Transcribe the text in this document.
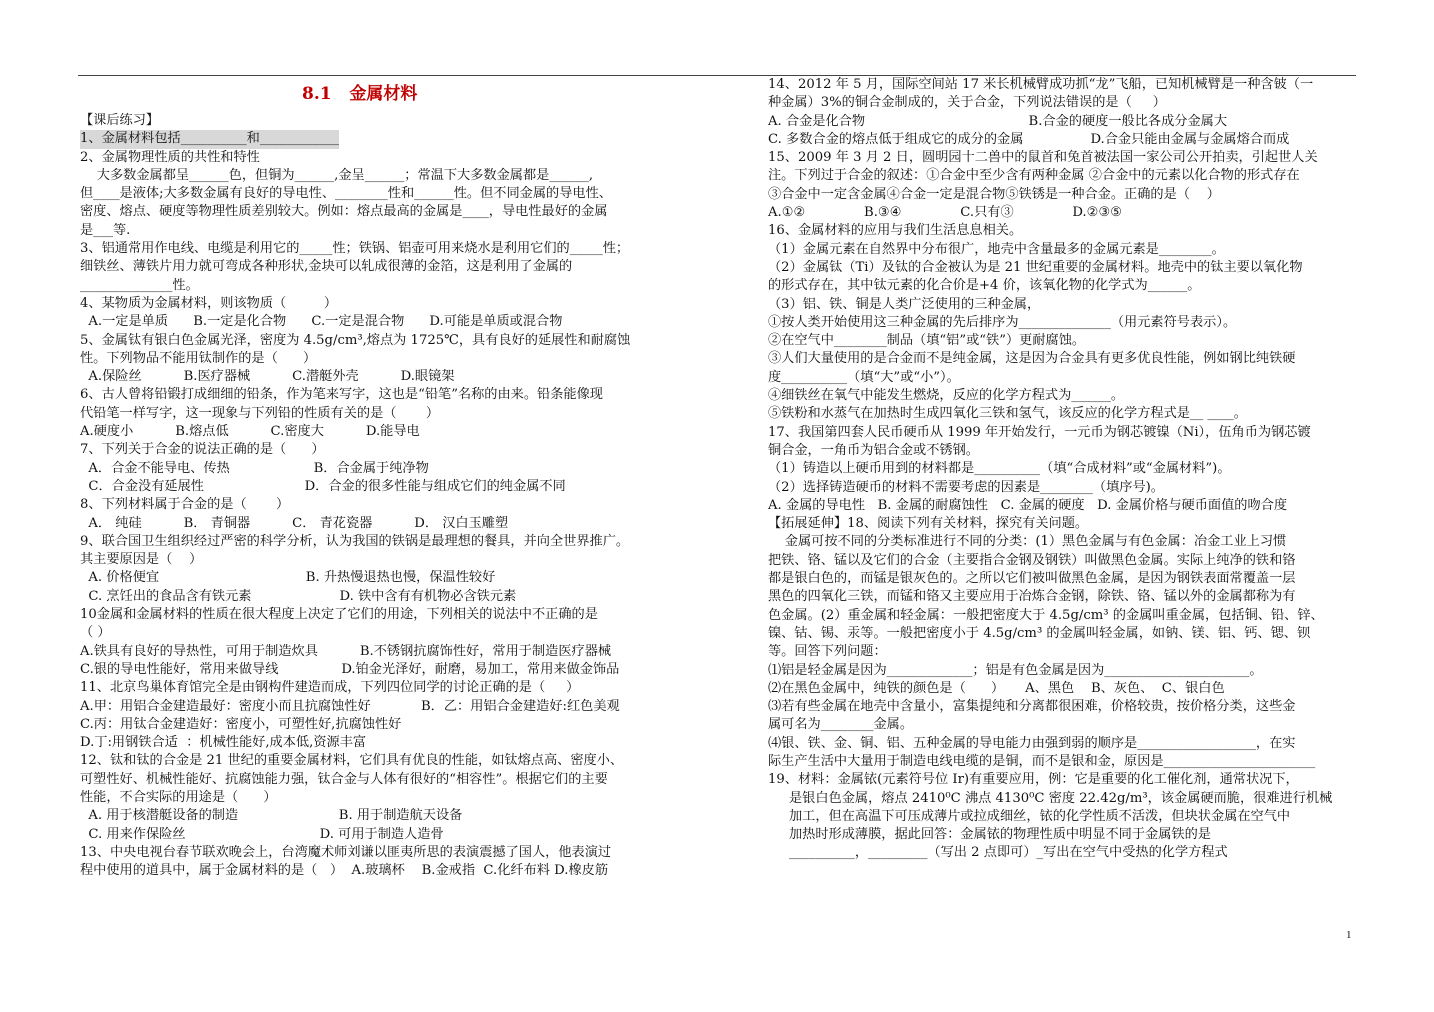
8.1   金属材料
【课后练习】
1、金属材料包括__________和____________
2、金属物理性质的共性和特性
大多数金属都呈______色，但铜为______,金呈______；常温下大多数金属都是______,
但____是液体;大多数金属有良好的导电性、________性和______性。但不同金属的导电性、
密度、熔点、硬度等物理性质差别较大。例如：熔点最高的金属是____，导电性最好的金属
是___等.
3、铝通常用作电线、电缆是利用它的_____性；铁锅、铝壶可用来烧水是利用它们的_____性；
细铁丝、薄铁片用力就可弯成各种形状,金块可以轧成很薄的金箔，这是利用了金属的
______________性。
4、某物质为金属材料，则该物质（         ）
A.一定是单质      B.一定是化合物      C.一定是混合物      D.可能是单质或混合物
5、金属钛有银白色金属光泽，密度为 4.5g/cm³,熔点为 1725℃，具有良好的延展性和耐腐蚀
性。下列物品不能用钛制作的是（      ）
A.保险丝          B.医疗器械          C.潜艇外壳          D.眼镜架
6、古人曾将铅锻打成细细的铅条，作为笔来写字，这也是“铅笔”名称的由来。铅条能像现
代铅笔一样写字，这一现象与下列铅的性质有关的是（       ）
A.硬度小          B.熔点低          C.密度大          D.能导电
7、下列关于合金的说法正确的是（      ）
A．合金不能导电、传热                    B．合金属于纯净物
C．合金没有延展性                        D．合金的很多性能与组成它们的纯金属不同
8、下列材料属于合金的是（       ）
A． 纯硅          B． 青铜器          C． 青花瓷器          D． 汉白玉雕塑
9、联合国卫生组织经过严密的科学分析，认为我国的铁锅是最理想的餐具，并向全世界推广。
其主要原因是（    ）
A. 价格便宜                                   B. 升热慢退热也慢，保温性较好
C. 烹饪出的食品含有铁元素                     D. 铁中含有有机物必含铁元素
10金属和金属材料的性质在很大程度上决定了它们的用途，下列相关的说法中不正确的是
（ ）
A.铁具有良好的导热性，可用于制造炊具          B.不锈钢抗腐饰性好，常用于制造医疗器械
C.银的导电性能好，常用来做导线               D.铂金光泽好，耐磨，易加工，常用来做金饰品
11、北京鸟巢体育馆完全是由钢构件建造而成，下列四位同学的讨论正确的是（     ）
A.甲：用铝合金建造最好：密度小而且抗腐蚀性好            B．乙：用铝合金建造好:红色美观
C.丙：用钛合金建造好：密度小，可塑性好,抗腐蚀性好
D.丁:用钢铁合适  ：机械性能好,成本低,资源丰富
12、钛和钛的合金是 21 世纪的重要金属材料，它们具有优良的性能，如钛熔点高、密度小、
可塑性好、机械性能好、抗腐蚀能力强，钛合金与人体有很好的“相容性”。根据它们的主要
性能，不合实际的用途是（      ）
A. 用于核潜艇设备的制造                        B. 用于制造航天设备
C. 用来作保险丝                                D. 可用于制造人造骨
13、中央电视台春节联欢晚会上，台湾魔术师刘谦以匪夷所思的表演震撼了国人，他表演过
程中使用的道具中，属于金属材料的是（   ）  A.玻璃杯    B.金戒指  C.化纤布料 D.橡皮筋
14、2012 年 5 月，国际空间站 17 米长机械臂成功抓“龙”飞船，已知机械臂是一种含铍（一
种金属）3%的铜合金制成的，关于合金，下列说法错误的是（     ）
A. 合金是化合物                                       B.合金的硬度一般比各成分金属大
C. 多数合金的熔点低于组成它的成分的金属                D.合金只能由金属与金属熔合而成
15、2009 年 3 月 2 日，圆明园十二兽中的鼠首和兔首被法国一家公司公开拍卖，引起世人关
注。下列过于合金的叙述：①合金中至少含有两种金属 ②合金中的元素以化合物的形式存在
③合金中一定含金属④合金一定是混合物⑤铁锈是一种合金。正确的是（    ）
A.①②              B.③④              C.只有③              D.②③⑤
16、金属材料的应用与我们生活息息相关。
（1）金属元素在自然界中分布很广，地壳中含量最多的金属元素是________。
（2）金属钛（Ti）及钛的合金被认为是 21 世纪重要的金属材料。地壳中的钛主要以氧化物
的形式存在，其中钛元素的化合价是+4 价，该氧化物的化学式为______。
（3）铝、铁、铜是人类广泛使用的三种金属，
①按人类开始使用这三种金属的先后排序为______________（用元素符号表示）。
②在空气中________制品（填“铝”或“铁”）更耐腐蚀。
③人们大量使用的是合金而不是纯金属，这是因为合金具有更多优良性能，例如钢比纯铁硬
度__________（填“大”或“小”）。
④细铁丝在氧气中能发生燃烧，反应的化学方程式为______。
⑤铁粉和水蒸气在加热时生成四氧化三铁和氢气，该反应的化学方程式是__ ____。
17、我国第四套人民币硬币从 1999 年开始发行，一元币为钢芯镀镍（Ni），伍角币为钢芯镀
铜合金，一角币为铝合金或不锈钢。
（1）铸造以上硬币用到的材料都是__________（填“合成材料”或“金属材料”)。
（2）选择铸造硬币的材料不需要考虑的因素是________（填序号)。
A. 金属的导电性   B. 金属的耐腐蚀性   C. 金属的硬度   D. 金属价格与硬币面值的吻合度
【拓展延伸】18、阅读下列有关材料，探究有关问题。
金属可按不同的分类标准进行不同的分类：(1）黑色金属与有色金属：冶金工业上习惯
把铁、铬、锰以及它们的合金（主要指合金钢及钢铁）叫做黑色金属。实际上纯净的铁和铬
都是银白色的，而锰是银灰色的。之所以它们被叫做黑色金属，是因为钢铁表面常覆盖一层
黑色的四氧化三铁，而锰和铬又主要应用于冶炼合金钢，除铁、铬、锰以外的金属都称为有
色金属。(2）重金属和轻金属：一般把密度大于 4.5g/cm³ 的金属叫重金属，包括铜、铅、锌、
镍、钴、锡、汞等。一般把密度小于 4.5g/cm³ 的金属叫轻金属，如钠、镁、铝、钙、锶、钡
等。回答下列问题：
⑴铝是轻金属是因为_____________；铝是有色金属是因为______________________。
⑵在黑色金属中，纯铁的颜色是（      ）     A、黑色    B、灰色、  C、银白色
⑶若有些金属在地壳中含量小，富集提纯和分离都很困难，价格较贵，按价格分类，这些金
属可名为________金属。
⑷银、铁、金、铜、铝、五种金属的导电能力由强到弱的顺序是__________________，在实
际生产生活中大量用于制造电线电缆的是铜，而不是银和金，原因是_______________________
19、材料：金属铱(元素符号位 Ir)有重要应用，例：它是重要的化工催化剂，通常状况下，
是银白色金属，熔点 2410⁰C 沸点 4130⁰C 密度 22.42g/m³，该金属硬而脆，很难进行机械
加工，但在高温下可压成薄片或拉成细丝，铱的化学性质不活泼，但块状金属在空气中
加热时形成薄膜，据此回答：金属铱的物理性质中明显不同于金属铁的是
__________，_________（写出 2 点即可）_写出在空气中受热的化学方程式
1
